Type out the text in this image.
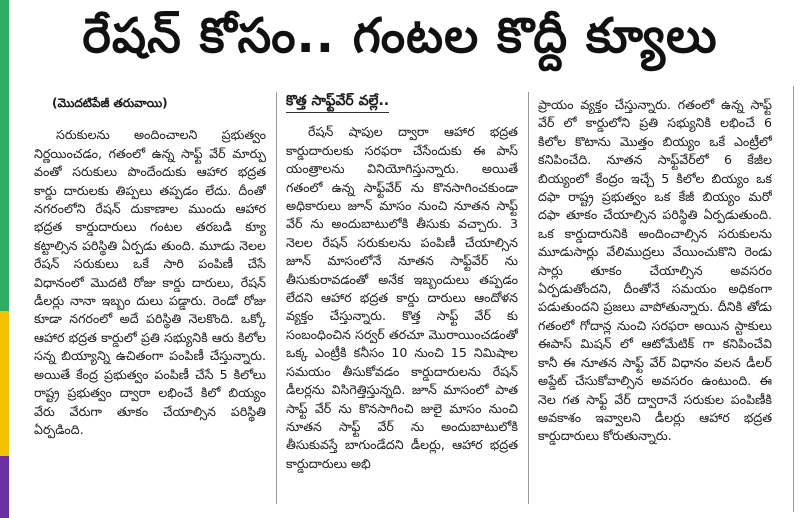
రేషన్ కోసం.. గంటల కొద్దీ క్యూలు
(మొదటిపేజీ తరువాయి)

సరుకులను అందించాలని ప్రభుత్వం నిర్ణయించడం, గతంలో ఉన్న సాఫ్ట్ వేర్ మార్పు వంతో సరుకులు పొందేందుకు ఆహార భద్రత కార్డు దారులకు తిప్పలు తప్పడం లేదు. దీంతో నగరంలోని రేషన్ దుకాణాల ముందు ఆహార భద్రత కార్డుదారులు గంటల తరబడి క్యూ కట్టాల్సిన పరిస్థితి ఏర్పడు తుంది. మూడు నెలల రేషన్ సరుకులు ఒకే సారి పంపిణీ చేసే విధానంలో మొదటి రోజు కార్డు దారులు, రేషన్ డీలర్లు నానా ఇబ్బం దులు పడ్డారు. రెండో రోజు కూడా నగరంలో అదే పరిస్థితి నెలకొంది. ఒక్కో ఆహార భద్రత కార్డులో ప్రతి సభ్యునికి ఆరు కిలోల సన్న బియ్యాన్ని ఉచితంగా పంపిణీ చేస్తున్నారు. అయితే కేంద్ర ప్రభుత్వం పంపిణీ చేసే 5 కిలోలు రాష్ట్ర ప్రభుత్వం ద్వారా లభించే కిలో బియ్యం వేరు వేరుగా తూకం చేయాల్సిన పరిస్థితి ఏర్పడింది.

కొత్త సాఫ్ట్‌వేర్ వల్లే..

రేషన్ షాపుల ద్వారా ఆహార భద్రత కార్డుదారులకు సరఫరా చేసేందుకు ఈ పాస్ యంత్రాలను వినియోగిస్తున్నారు. అయితే గతంలో ఉన్న సాఫ్ట్‌వేర్ ను కొనసాగించకుండా అధికారులు జూన్ మాసం నుంచి నూతన సాఫ్ట్ వేర్ ను అందుబాటులోకి తీసుకు వచ్చారు. 3 నెలల రేషన్ సరుకులను పంపిణీ చేయాల్సిన జూన్ మాసంలోనే నూతన సాఫ్ట్‌వేర్ ను తీసుకురావడంతో అనేక ఇబ్బందులు తప్పడం లేదని ఆహార భద్రత కార్డు దారులు ఆందోళన వ్యక్తం చేస్తున్నారు. కొత్త సాఫ్ట్ వేర్ కు సంబంధించిన సర్వర్ తరచూ మొరాయించడంతో ఒక్క ఎంట్రీకి కనీసం 10 నుంచి 15 నిమిషాల సమయం తీసుకోవడం కార్డుదారులను రేషన్ డీలర్లను విసిగెత్తిస్తున్నది. జూన్ మాసంలో పాత సాఫ్ట్ వేర్ ను కొనసాగించి జులై మాసం నుంచి నూతన సాఫ్ట్ వేర్ ను అందుబాటులోకి తీసుకువస్తే బాగుండేదని డీలర్లు, ఆహార భద్రత కార్డుదారులు అభి

ప్రాయం వ్యక్తం చేస్తున్నారు. గతంలో ఉన్న సాఫ్ట్ వేర్ లో కార్డులోని ప్రతి సభ్యునికి లభించే 6 కిలోల కొటాను మొత్తం బియ్యం ఒకే ఎంట్రీలో కనిపించేది. నూతన సాఫ్ట్‌వేర్‌లో 6 కేజీల బియ్యంలో కేంద్రం ఇచ్చే 5 కిలోల బియ్యం ఒక దఫా రాష్ట్ర ప్రభుత్వం ఒక కేజీ బియ్యం మరో దఫా తూకం చేయాల్సిన పరిస్థితి ఏర్పడుతుంది. ఒక కార్డుదారునికి అందించాల్సిన సరుకులను మూడుసార్లు వేలిముద్రలు వేయించుకొని రెండు సార్లు తూకం చేయాల్సిన అవసరం ఏర్పడుతోందని, దీంతోనే సమయం అధికంగా పడుతుందని ప్రజలు వాపోతున్నారు. దీనికి తోడు గతంలో గోదాన్ల నుంచి సరఫరా అయిన స్టాకులు ఈపాస్ మిషన్ లో ఆటోమేటిక్ గా కనిపించేవి కానీ ఈ నూతన సాఫ్ట్ వేర్ విధానం వలన డీలర్ అప్డేట్ చేసుకోవాల్సిన అవసరం ఉంటుంది. ఈ నెల గత సాఫ్ట్ వేర్ ద్వారానే సరుకుల పంపిణీకి అవకాశం ఇవ్వాలని డీలర్లు ఆహార భద్రత కార్డుదారులు కోరుతున్నారు.
